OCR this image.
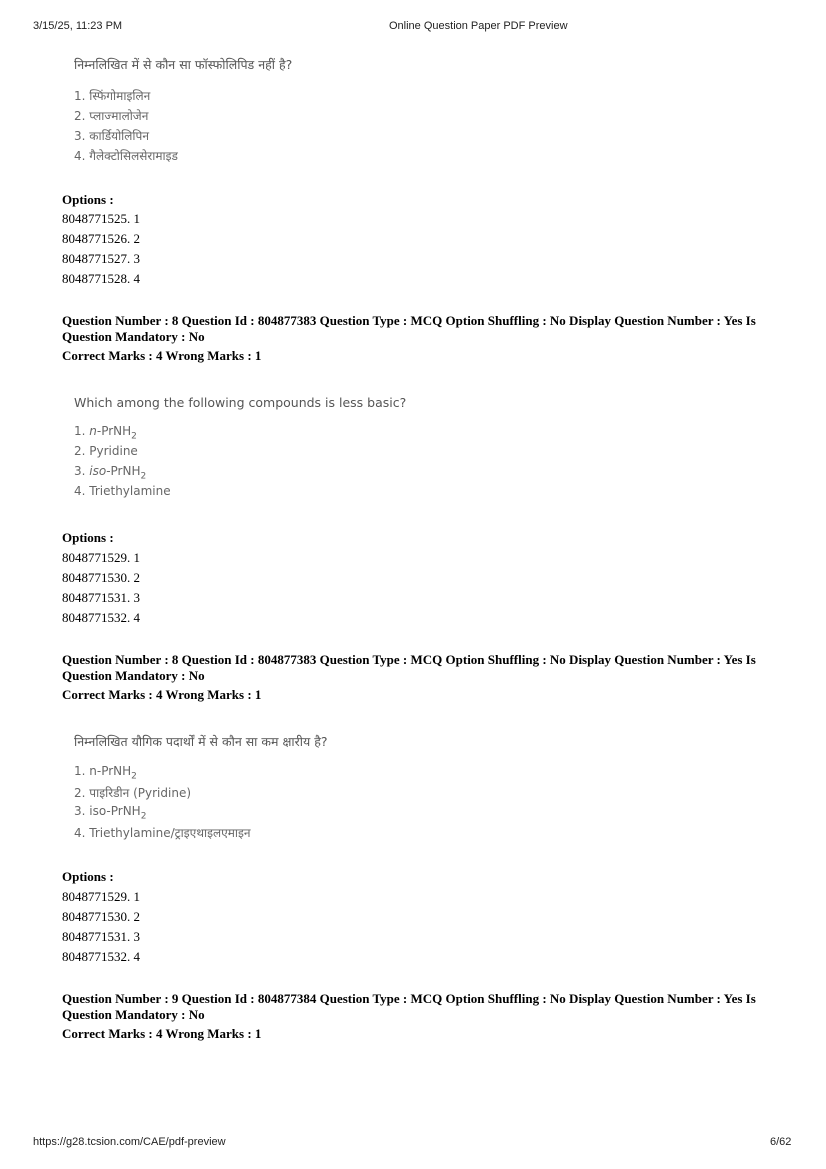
3/15/25, 11:23 PM	Online Question Paper PDF Preview
निम्नलिखित में से कौन सा फॉस्फोलिपिड नहीं है?
1. स्फिंगोमाइलिन
2. प्लाज्मालोजेन
3. कार्डियोलिपिन
4. गैलेक्टोसिलसेरामाइड
Options :
8048771525. 1
8048771526. 2
8048771527. 3
8048771528. 4
Question Number : 8 Question Id : 804877383 Question Type : MCQ Option Shuffling : No Display Question Number : Yes Is Question Mandatory : No
Correct Marks : 4 Wrong Marks : 1
Which among the following compounds is less basic?
1. n-PrNH$_2$
2. Pyridine
3. iso-PrNH$_2$
4. Triethylamine
Options :
8048771529. 1
8048771530. 2
8048771531. 3
8048771532. 4
Question Number : 8 Question Id : 804877383 Question Type : MCQ Option Shuffling : No Display Question Number : Yes Is Question Mandatory : No
Correct Marks : 4 Wrong Marks : 1
निम्नलिखित यौगिक पदार्थों में से कौन सा कम क्षारीय है?
1. n-PrNH$_2$
2. पाइरिडीन (Pyridine)
3. iso-PrNH$_2$
4. Triethylamine/ट्राइएथाइलएमाइन
Options :
8048771529. 1
8048771530. 2
8048771531. 3
8048771532. 4
Question Number : 9 Question Id : 804877384 Question Type : MCQ Option Shuffling : No Display Question Number : Yes Is Question Mandatory : No
Correct Marks : 4 Wrong Marks : 1
https://g28.tcsion.com/CAE/pdf-preview	6/62
